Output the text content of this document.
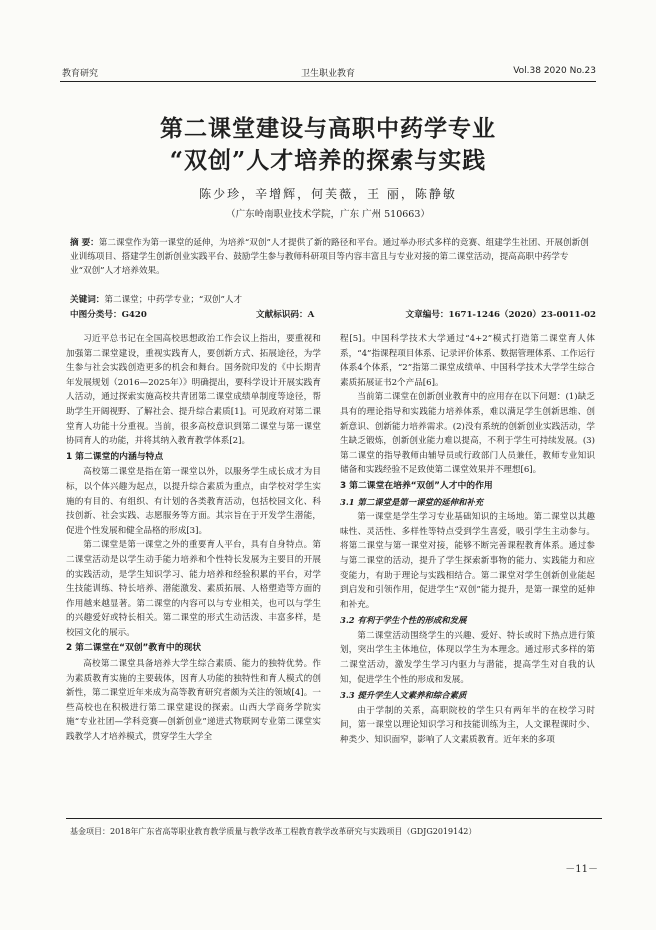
教育研究	卫生职业教育	Vol.38 2020 No.23
第二课堂建设与高职中药学专业
“双创”人才培养的探索与实践
陈少珍，辛增辉，何芙薇，王 丽，陈静敏
（广东岭南职业技术学院，广东 广州 510663）
摘 要：第二课堂作为第一课堂的延伸，为培养“双创”人才提供了新的路径和平台。通过举办形式多样的竞赛、组建学生社团、开展创新创业训练项目、搭建学生创新创业实践平台、鼓励学生参与教师科研项目等内容丰富且与专业对接的第二课堂活动，提高高职中药学专业“双创”人才培养效果。
关键词：第二课堂；中药学专业；“双创”人才
中图分类号：G420	文献标识码：A	文章编号：1671-1246（2020）23-0011-02

习近平总书记在全国高校思想政治工作会议上指出，要重视和加强第二课堂建设，重视实践育人，要创新方式、拓展途径，为学生参与社会实践创造更多的机会和舞台。国务院印发的《中长期青年发展规划（2016—2025年）》明确提出，要科学设计开展实践育人活动，通过探索实施高校共青团第二课堂成绩单制度等途径，帮助学生开阔视野、了解社会、提升综合素质[1]。可见政府对第二课堂育人功能十分重视。当前，很多高校意识到第二课堂与第一课堂协同育人的功能，并将其纳入教育教学体系[2]。

1 第二课堂的内涵与特点

高校第二课堂是指在第一课堂以外，以服务学生成长成才为目标，以个体兴趣为起点，以提升综合素质为重点，由学校对学生实施的有目的、有组织、有计划的各类教育活动，包括校园文化、科技创新、社会实践、志愿服务等方面。其宗旨在于开发学生潜能，促进个性发展和健全品格的形成[3]。

第二课堂是第一课堂之外的重要育人平台，具有自身特点。第二课堂活动是以学生动手能力培养和个性特长发展为主要目的开展的实践活动，是学生知识学习、能力培养和经验积累的平台，对学生技能训练、特长培养、潜能激发、素质拓展、人格塑造等方面的作用越来越显著。第二课堂的内容可以与专业相关，也可以与学生的兴趣爱好或特长相关。第二课堂的形式生动活泼、丰富多样，是校园文化的展示。

2 第二课堂在“双创”教育中的现状

高校第二课堂具备培养大学生综合素质、能力的独特优势。作为素质教育实施的主要载体，因育人功能的独特性和育人模式的创新性，第二课堂近年来成为高等教育研究者颇为关注的领域[4]。一些高校也在积极进行第二课堂建设的探索。山西大学商务学院实施“专业社团—学科竞赛—创新创业”递进式物联网专业第二课堂实践教学人才培养模式，贯穿学生大学全

程[5]。中国科学技术大学通过“4+2”模式打造第二课堂育人体系，“4”指课程项目体系、记录评价体系、数据管理体系、工作运行体系4个体系，“2”指第二课堂成绩单、中国科学技术大学学生综合素质拓展证书2个产品[6]。

当前第二课堂在创新创业教育中的应用存在以下问题：(1)缺乏具有的理论指导和实践能力培养体系，难以满足学生创新思维、创新意识、创新能力培养需求。(2)没有系统的创新创业实践活动，学生缺乏锻炼，创新创业能力难以提高，不利于学生可持续发展。(3)第二课堂的指导教师由辅导员或行政部门人员兼任，教师专业知识储备和实践经验不足致使第二课堂效果并不理想[6]。

3 第二课堂在培养“双创”人才中的作用
3.1 第二课堂是第一课堂的延伸和补充

第一课堂是学生学习专业基础知识的主场地。第二课堂以其趣味性、灵活性、多样性等特点受到学生喜爱，吸引学生主动参与。将第二课堂与第一课堂对接，能够不断完善课程教育体系。通过参与第二课堂的活动，提升了学生探索新事物的能力、实践能力和应变能力，有助于理论与实践相结合。第二课堂对学生创新创业能起到启发和引领作用，促进学生“双创”能力提升，是第一课堂的延伸和补充。

3.2 有利于学生个性的形成和发展

第二课堂活动围绕学生的兴趣、爱好、特长或时下热点进行策划，突出学生主体地位，体现以学生为本理念。通过形式多样的第二课堂活动，激发学生学习内驱力与潜能，提高学生对自我的认知，促进学生个性的形成和发展。

3.3 提升学生人文素养和综合素质

由于学制的关系，高职院校的学生只有两年半的在校学习时间，第一课堂以理论知识学习和技能训练为主，人文课程课时少、种类少、知识面窄，影响了人文素质教育。近年来的多项

基金项目：2018年广东省高等职业教育教学质量与教学改革工程教育教学改革研究与实践项目（GDJG2019142）
－11－
